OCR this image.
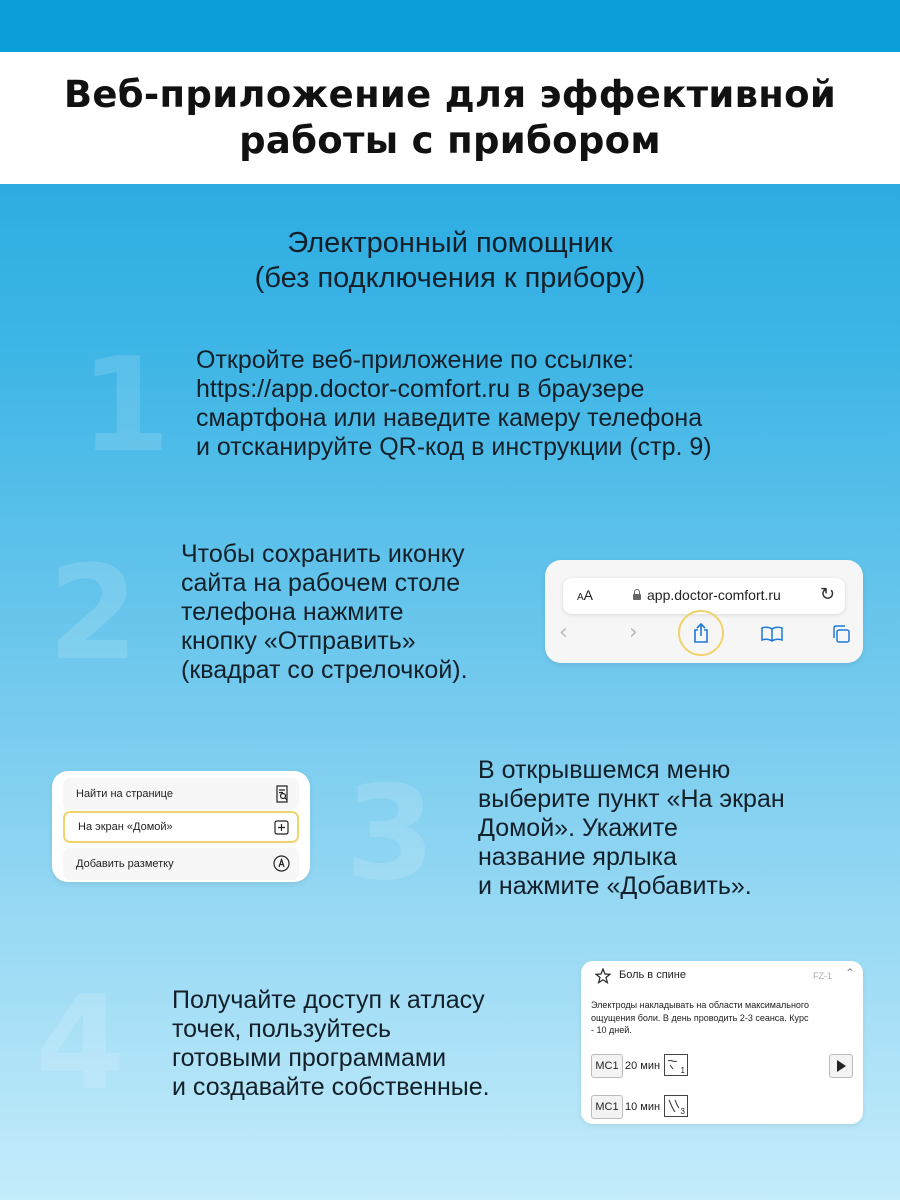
Веб-приложение для эффективной
работы с прибором
Электронный помощник
(без подключения к прибору)
1 Откройте веб-приложение по ссылке:
https://app.doctor-comfort.ru в браузере
смартфона или наведите камеру телефона
и отсканируйте QR-код в инструкции (стр. 9)
2 Чтобы сохранить иконку
сайта на рабочем столе
телефона нажмите
кнопку «Отправить»
(квадрат со стрелочкой).
AA	app.doctor-comfort.ru ↻
‹	›
Найти на странице
На экран «Домой»
Добавить разметку 3 В открывшемся меню
выберите пункт «На экран
Домой». Укажите
название ярлыка
и нажмите «Добавить».
4 Получайте доступ к атласу
точек, пользуйтесь
готовыми программами
и создавайте собственные.
Боль в спине	FZ-1 ⌃
Электроды накладывать на области максимального
ощущения боли. В день проводить 2-3 сеанса. Курс
- 10 дней.
МС1 20 мин	1
МС1 10 мин	3
